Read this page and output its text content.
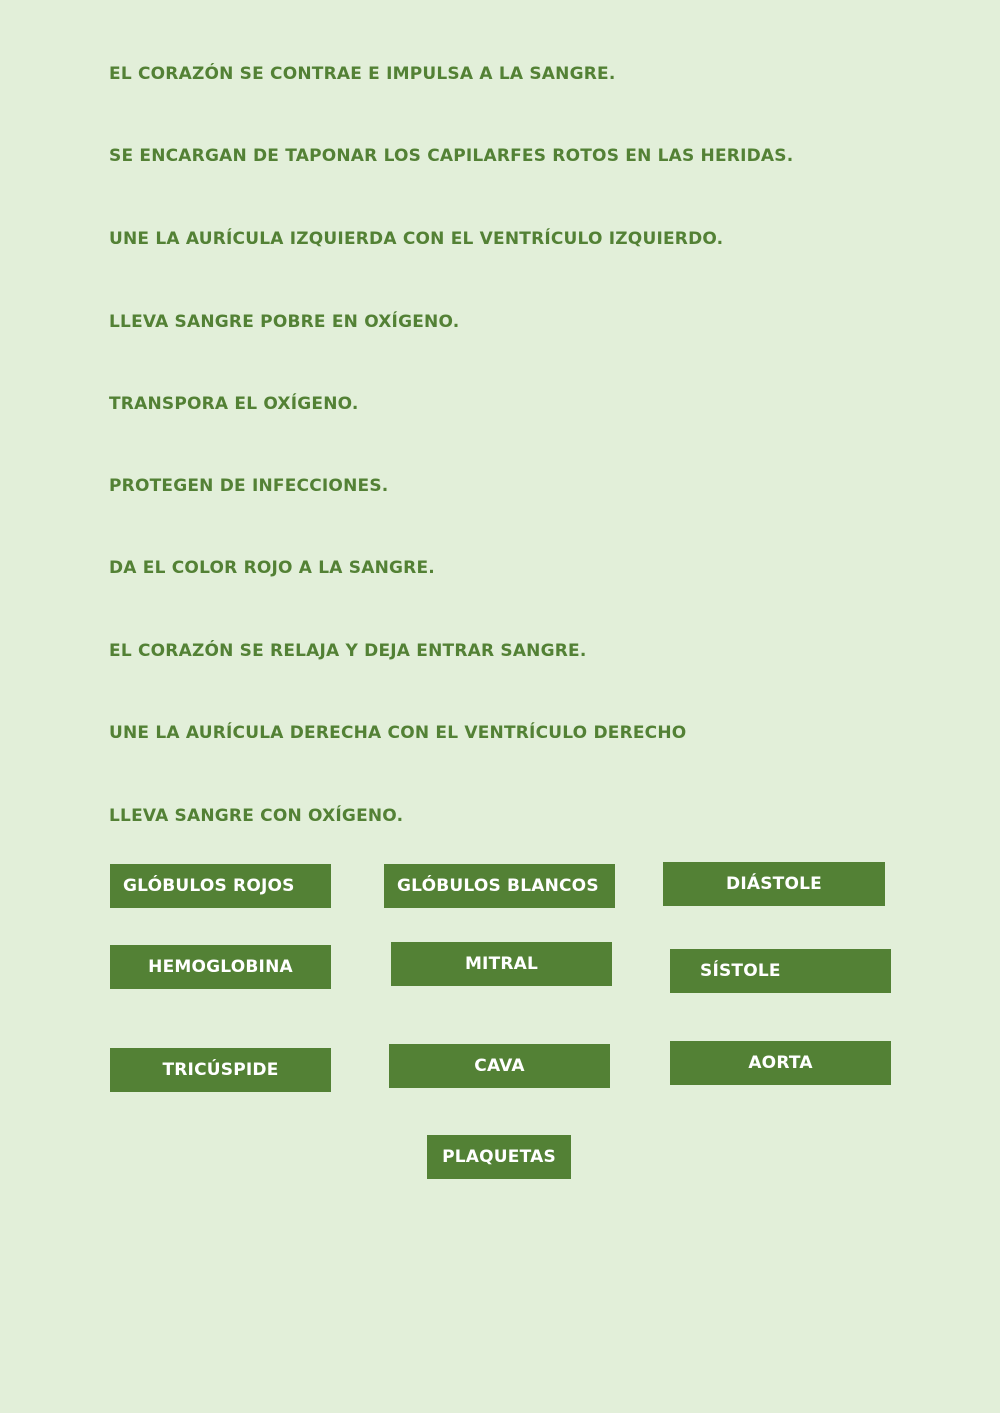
EL CORAZÓN SE CONTRAE E IMPULSA A LA SANGRE.

SE ENCARGAN DE TAPONAR LOS CAPILARFES ROTOS EN LAS HERIDAS.

UNE LA AURÍCULA IZQUIERDA CON EL VENTRÍCULO IZQUIERDO.

LLEVA SANGRE POBRE EN OXÍGENO.

TRANSPORA EL OXÍGENO.

PROTEGEN DE INFECCIONES.

DA EL COLOR ROJO A LA SANGRE.

EL CORAZÓN SE RELAJA Y DEJA ENTRAR SANGRE.

UNE LA AURÍCULA DERECHA CON EL VENTRÍCULO DERECHO

LLEVA SANGRE CON OXÍGENO.

GLÓBULOS ROJOS	GLÓBULOS BLANCOS	DIÁSTOLE
HEMOGLOBINA	MITRAL	SÍSTOLE
TRICÚSPIDE	CAVA	AORTA
PLAQUETAS
